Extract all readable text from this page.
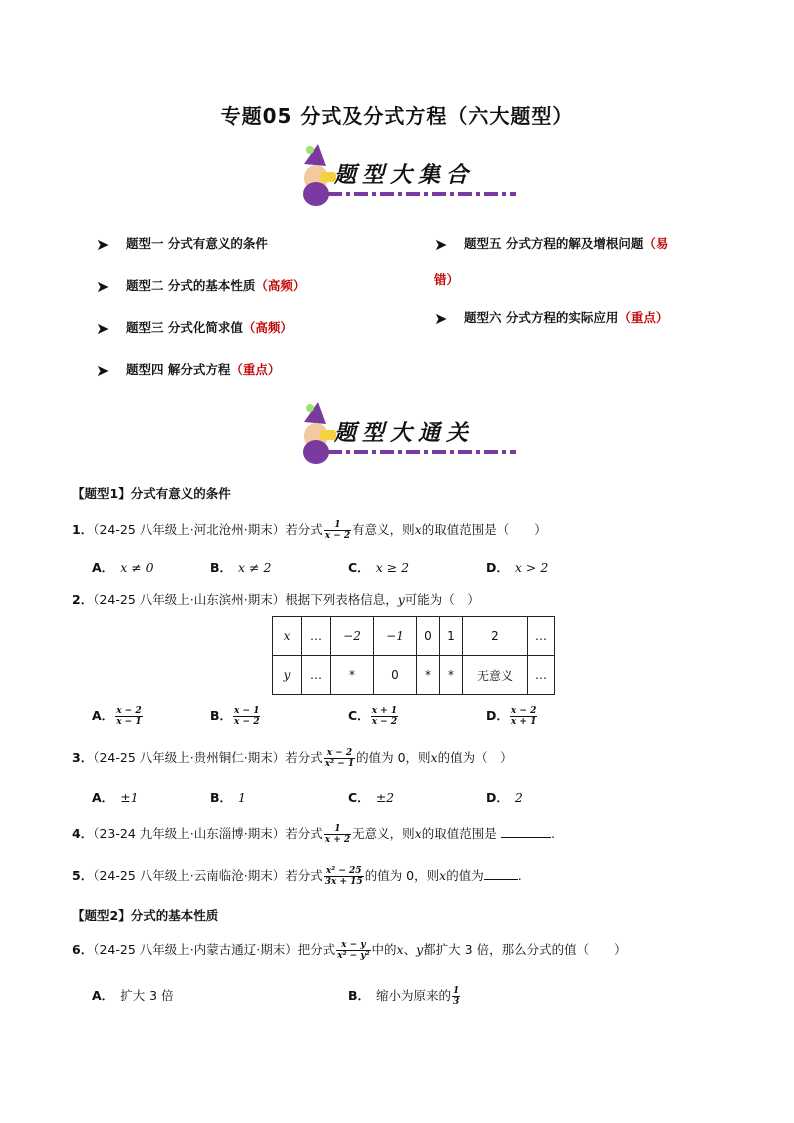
专题05 分式及分式方程（六大题型）
题型大集合
➤ 题型一 分式有意义的条件
➤ 题型二 分式的基本性质（高频）
➤ 题型三 分式化简求值（高频）
➤ 题型四 解分式方程（重点）
➤ 题型五 分式方程的解及增根问题（易
错）
➤ 题型六 分式方程的实际应用（重点）
题型大通关
【题型1】分式有意义的条件
1．（24-25 八年级上·河北沧州·期末）若分式 $\frac{1}{x - 2}$ 有意义，则x的取值范围是（　　）
A． x ≠ 0	B． x ≠ 2	C． x ≥ 2	D． x > 2
2．（24-25 八年级上·山东滨州·期末）根据下列表格信息，y可能为（　）
x	…	−2	−1	0	1	2	…
y	…	*	0	*	*	无意义	…
A． $\frac{x - 2}{x - 1}$	B． $\frac{x - 1}{x - 2}$	C． $\frac{x + 1}{x - 2}$	D． $\frac{x - 2}{x + 1}$
3．（24-25 八年级上·贵州铜仁·期末）若分式 $\frac{x - 2}{\text{x² − 1}}$ 的值为 0，则x的值为（　）
A． ±1	B． 1	C． ±2	D． 2
4．（23-24 九年级上·山东淄博·期末）若分式 $\frac{1}{x + 2}$ 无意义，则x的取值范围是	.
5．（24-25 八年级上·云南临沧·期末）若分式 $\frac{\text{x² − 25}}{3x + 15}$ 的值为 0，则x的值为	.
【题型2】分式的基本性质
6．（24-25 八年级上·内蒙古通辽·期末）把分式 $\frac{x - y}{\text{x² − y²}}$ 中的x、y都扩大 3 倍，那么分式的值（　　）
A． 扩大 3 倍	B． 缩小为原来的 $\frac{1}{3}$
